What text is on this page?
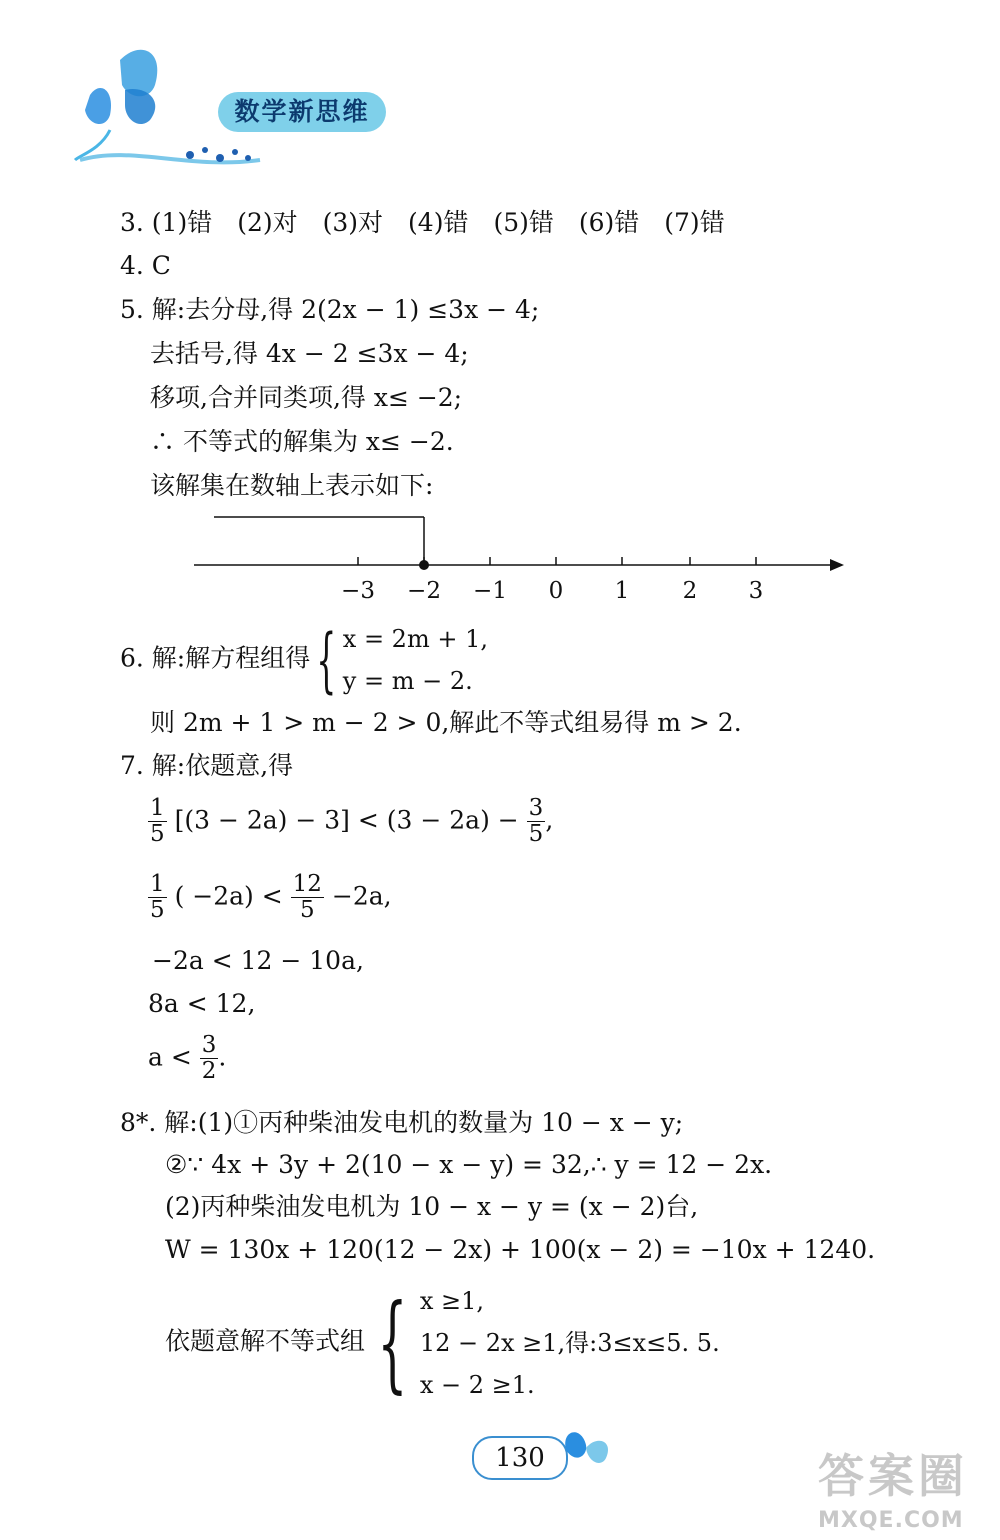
数学新思维
3. (1)错　(2)对　(3)对　(4)错　(5)错　(6)错　(7)错
4. C
5. 解:去分母,得 2(2x − 1) ≤3x − 4;
去括号,得 4x − 2 ≤3x − 4;
移项,合并同类项,得 x≤ −2;
∴ 不等式的解集为 x≤ −2.
该解集在数轴上表示如下:
−3 −2 −1 0 1 2 3
6. 解:解方程组得{ x = 2m + 1,
y = m − 2.
则 2m + 1 > m − 2 > 0,解此不等式组易得 m > 2.
7. 解:依题意,得
$\frac{1}{5} [(3 - 2a) - 3] < (3 - 2a) - \frac{3}{5}$ ,
$\frac{1}{5}$ ( $-2a) < \frac{12}{5} -2a$,
−2a < 12 − 10a,
8a < 12,
$a < \frac{3}{2}$ .
8*. 解:(1)①丙种柴油发电机的数量为 10 − x − y;
②∵ 4x + 3y + 2(10 − x − y) = 32,∴ y = 12 − 2x.
(2)丙种柴油发电机为 10 − x − y = (x − 2)台,
W = 130x + 120(12 − 2x) + 100(x − 2) = −10x + 1240.
依题意解不等式组 { x ≥1,
12 − 2x ≥1,得:3≤x≤5. 5.
x − 2 ≥1.
130	答案圈
MXQE.COM
